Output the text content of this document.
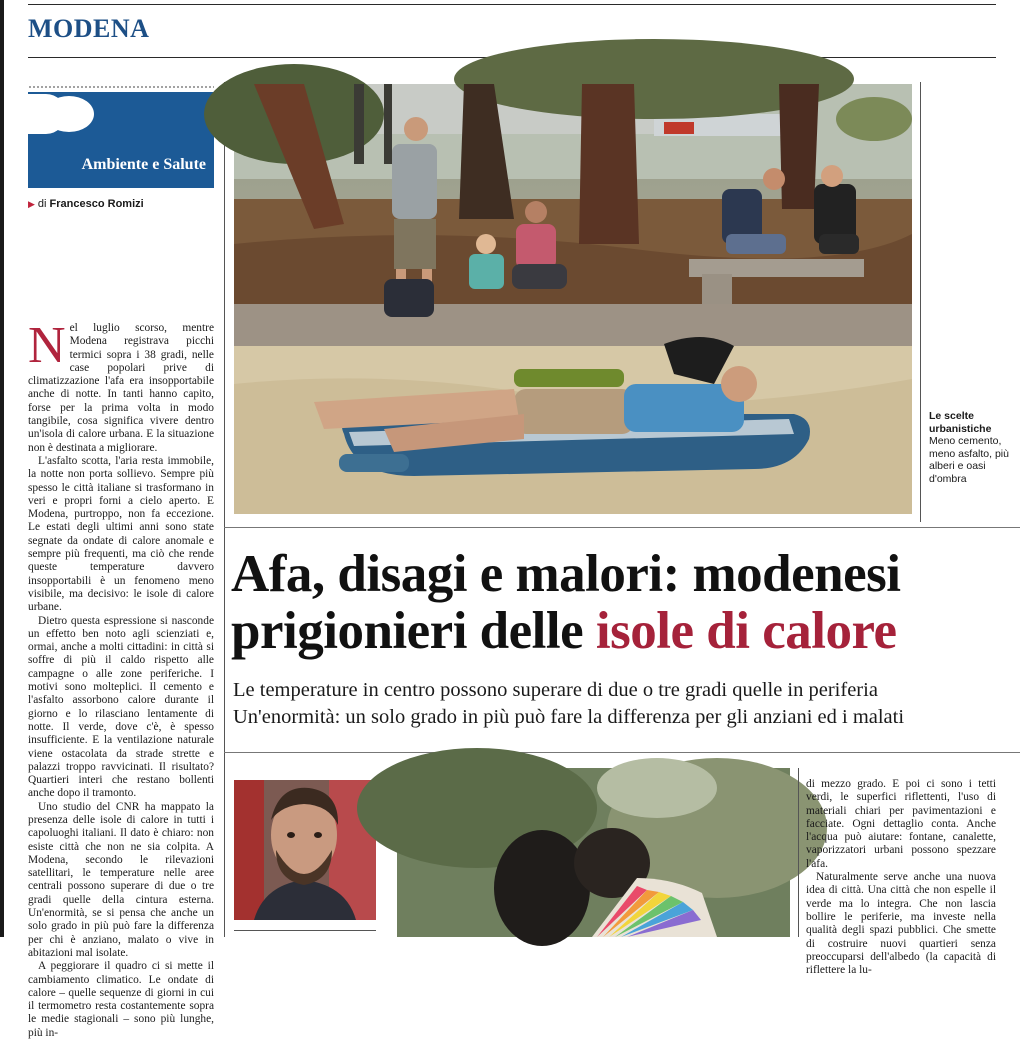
MODENA
Ambiente e Salute
▶ di Francesco Romizi

Nel luglio scorso, mentre Modena registrava picchi termici sopra i 38 gradi, nelle case popolari prive di climatizzazione l'afa era insopportabile anche di notte. In tanti hanno capito, forse per la prima volta in modo tangibile, cosa significa vivere dentro un'isola di calore urbana. E la situazione non è destinata a migliorare.

L'asfalto scotta, l'aria resta immobile, la notte non porta sollievo. Sempre più spesso le città italiane si trasformano in veri e propri forni a cielo aperto. E Modena, purtroppo, non fa eccezione. Le estati degli ultimi anni sono state segnate da ondate di calore anomale e sempre più frequenti, ma ciò che rende queste temperature davvero insopportabili è un fenomeno meno visibile, ma decisivo: le isole di calore urbane.

Dietro questa espressione si nasconde un effetto ben noto agli scienziati e, ormai, anche a molti cittadini: in città si soffre di più il caldo rispetto alle campagne o alle zone periferiche. I motivi sono molteplici. Il cemento e l'asfalto assorbono calore durante il giorno e lo rilasciano lentamente di notte. Il verde, dove c'è, è spesso insufficiente. E la ventilazione naturale viene ostacolata da strade strette e palazzi troppo ravvicinati. Il risultato? Quartieri interi che restano bollenti anche dopo il tramonto.

Uno studio del CNR ha mappato la presenza delle isole di calore in tutti i capoluoghi italiani. Il dato è chiaro: non esiste città che non ne sia colpita. A Modena, secondo le rilevazioni satellitari, le temperature nelle aree centrali possono superare di due o tre gradi quelle della cintura esterna. Un'enormità, se si pensa che anche un solo grado in più può fare la differenza per chi è anziano, malato o vive in abitazioni mal isolate.

A peggiorare il quadro ci si mette il cambiamento climatico. Le ondate di calore – quelle sequenze di giorni in cui il termometro resta costantemente sopra le medie stagionali – sono più lunghe, più in-

Le scelte urbanistiche
Meno cemento, meno asfalto, più alberi e oasi d'ombra
Afa, disagi e malori: modenesi
prigionieri delle isole di calore
Le temperature in centro possono superare di due o tre gradi quelle in periferia
Un'enormità: un solo grado in più può fare la differenza per gli anziani ed i malati

di mezzo grado. E poi ci sono i tetti verdi, le superfici riflettenti, l'uso di materiali chiari per pavimentazioni e facciate. Ogni dettaglio conta. Anche l'acqua può aiutare: fontane, canalette, vaporizzatori urbani possono spezzare l'afa.

Naturalmente serve anche una nuova idea di città. Una città che non espelle il verde ma lo integra. Che non lascia bollire le periferie, ma investe nella qualità degli spazi pubblici. Che smette di costruire nuovi quartieri senza preoccuparsi dell'albedo (la capacità di riflettere la lu-
